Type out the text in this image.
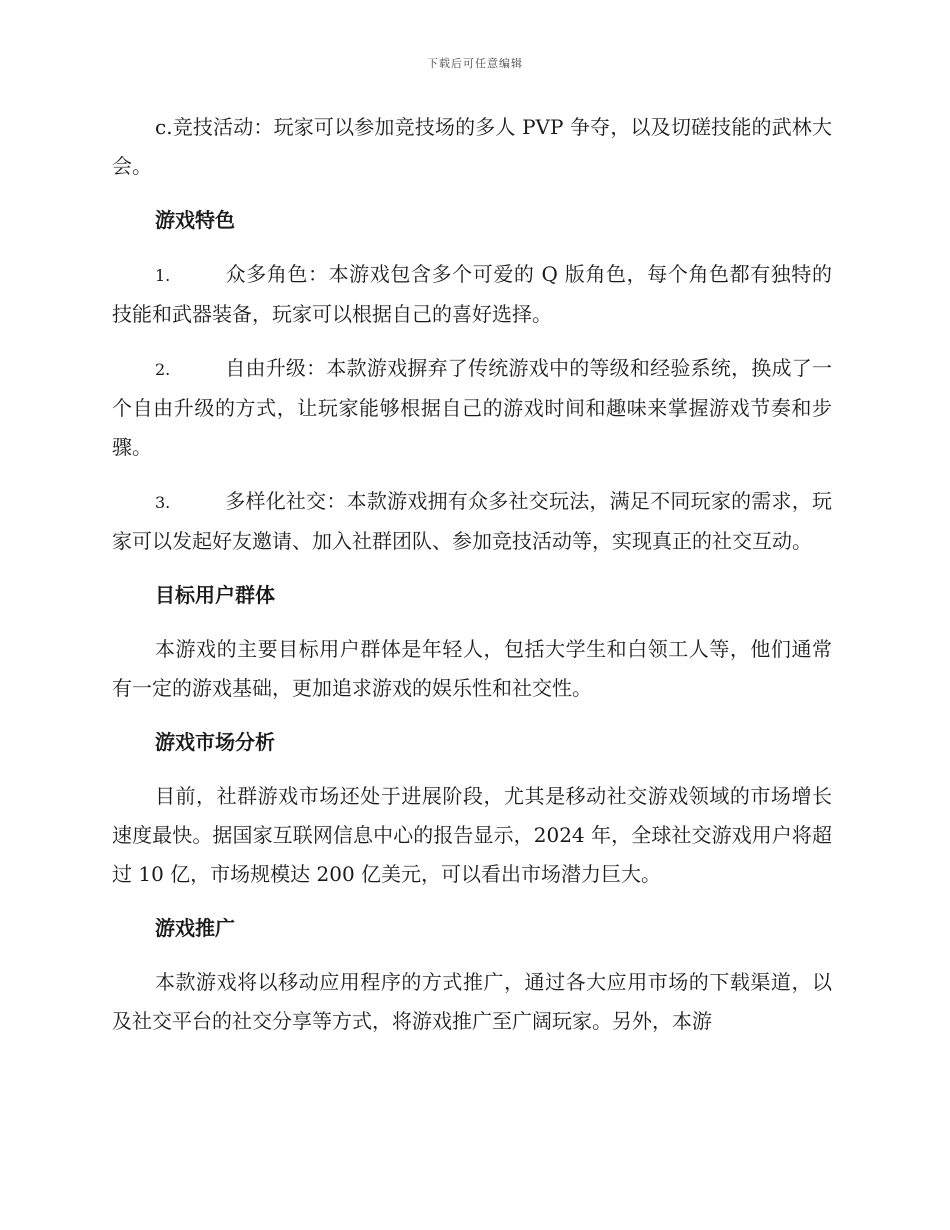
下载后可任意编辑

c.竞技活动：玩家可以参加竞技场的多人 PVP 争夺，以及切磋技能的武林大会。

游戏特色

1.	众多角色：本游戏包含多个可爱的 Q 版角色，每个角色都有独特的技能和武器装备，玩家可以根据自己的喜好选择。

2.	自由升级：本款游戏摒弃了传统游戏中的等级和经验系统，换成了一个自由升级的方式，让玩家能够根据自己的游戏时间和趣味来掌握游戏节奏和步骤。

3.	多样化社交：本款游戏拥有众多社交玩法，满足不同玩家的需求，玩家可以发起好友邀请、加入社群团队、参加竞技活动等，实现真正的社交互动。

目标用户群体

本游戏的主要目标用户群体是年轻人，包括大学生和白领工人等，他们通常有一定的游戏基础，更加追求游戏的娱乐性和社交性。

游戏市场分析

目前，社群游戏市场还处于进展阶段，尤其是移动社交游戏领域的市场增长速度最快。据国家互联网信息中心的报告显示，2024 年，全球社交游戏用户将超过 10 亿，市场规模达 200 亿美元，可以看出市场潜力巨大。

游戏推广

本款游戏将以移动应用程序的方式推广，通过各大应用市场的下载渠道，以及社交平台的社交分享等方式，将游戏推广至广阔玩家。另外，本游
